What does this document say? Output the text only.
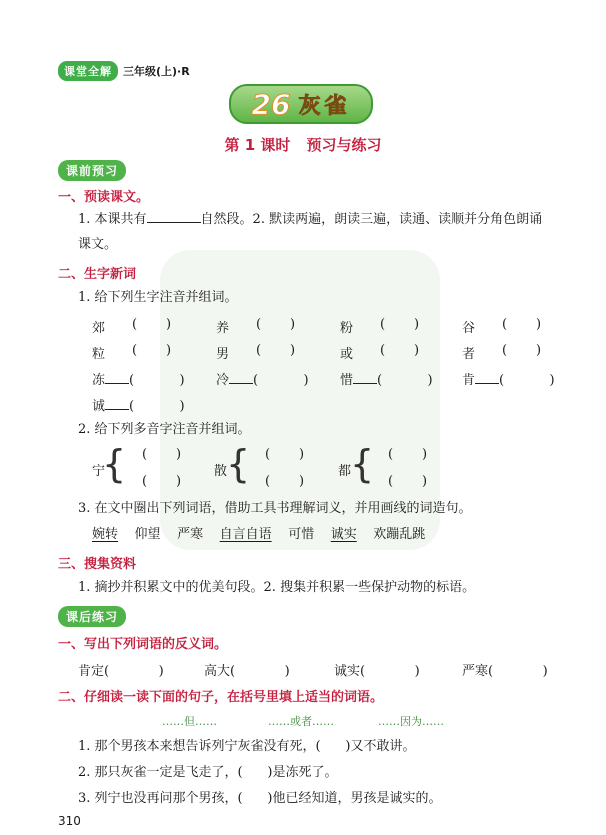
课堂全解	三年级(上)·R
26 灰雀
第 1 课时 预习与练习
课前预习
一、预读课文。
1. 本课共有	自然段。2. 默读两遍，朗读三遍，读通、读顺并分角色朗诵
课文。
二、生字新词
1. 给下列生字注音并组词。
郊 (       )	养 (       )	粉 (       )	谷 (       )
粒 (       )	男 (       )	或 (       )	者 (       )
冻 (           ) 冷 (           ) 惜 (           ) 肯 (           )
诚 (           )
2. 给下列多音字注音并组词。
宁
{ (       )
(       )
散
{ (       )
(       )
都
{ (       )
(       )
3. 在文中圈出下列词语，借助工具书理解词义，并用画线的词造句。
婉转 仰望 严寒 自言自语 可惜 诚实 欢蹦乱跳
三、搜集资料
1. 摘抄并积累文中的优美句段。2. 搜集并积累一些保护动物的标语。
课后练习
一、写出下列词语的反义词。
肯定(            )	高大(            )	诚实(            )	严寒(            )
二、仔细读一读下面的句子，在括号里填上适当的词语。
……但……	……或者……	……因为……
1. 那个男孩本来想告诉列宁灰雀没有死，( )又不敢讲。
2. 那只灰雀一定是飞走了，( )是冻死了。
3. 列宁也没再问那个男孩，( )他已经知道，男孩是诚实的。
310
